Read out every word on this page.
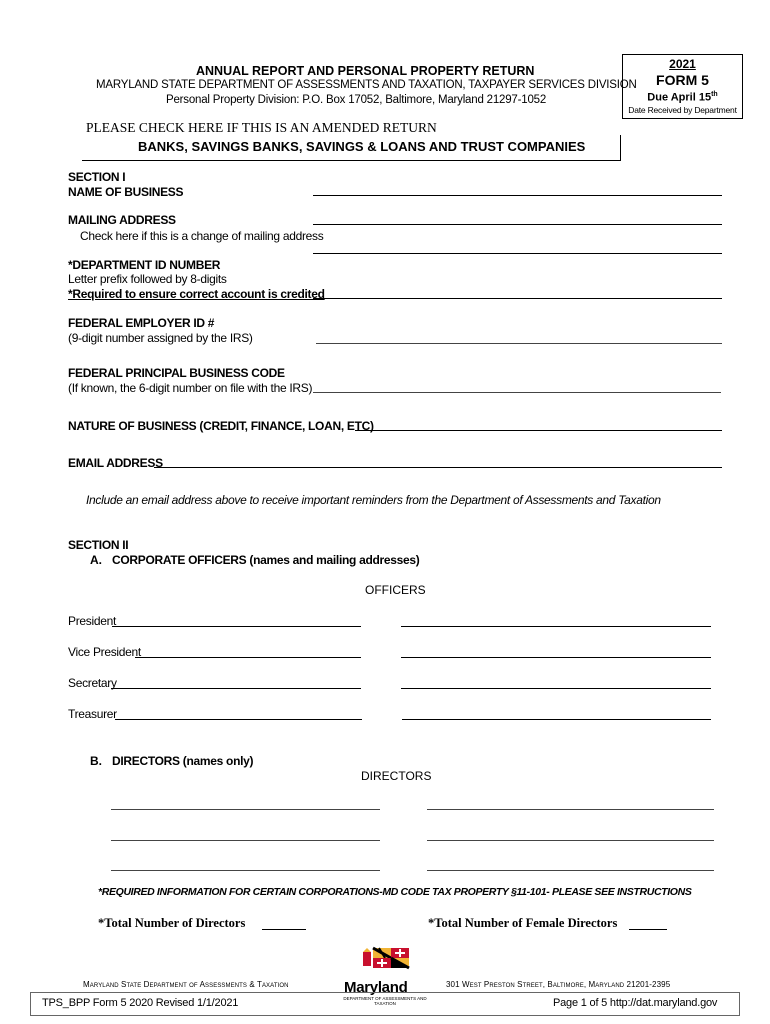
ANNUAL REPORT AND PERSONAL PROPERTY RETURN
MARYLAND STATE DEPARTMENT OF ASSESSMENTS AND TAXATION, TAXPAYER SERVICES DIVISION
Personal Property Division: P.O. Box 17052, Baltimore, Maryland 21297-1052
2021
FORM 5
Due April 15th
Date Received by Department
PLEASE CHECK HERE IF THIS IS AN AMENDED RETURN
BANKS, SAVINGS BANKS, SAVINGS & LOANS AND TRUST COMPANIES
SECTION I
NAME OF BUSINESS
MAILING ADDRESS
Check here if this is a change of mailing address
*DEPARTMENT ID NUMBER
Letter prefix followed by 8-digits
*Required to ensure correct account is credited
FEDERAL EMPLOYER ID #
(9-digit number assigned by the IRS)
FEDERAL PRINCIPAL BUSINESS CODE
(If known, the 6-digit number on file with the IRS)
NATURE OF BUSINESS (CREDIT, FINANCE, LOAN, ETC)
EMAIL ADDRESS
Include an email address above to receive important reminders from the Department of Assessments and Taxation
SECTION II
A. CORPORATE OFFICERS (names and mailing addresses)
OFFICERS
President
Vice President
Secretary
Treasurer
B. DIRECTORS (names only)
DIRECTORS
*REQUIRED INFORMATION FOR CERTAIN CORPORATIONS-MD CODE TAX PROPERTY §11-101- PLEASE SEE INSTRUCTIONS
*Total Number of Directors	*Total Number of Female Directors
Maryland State Department of Assessments & Taxation	Maryland
DEPARTMENT OF ASSESSMENTS AND TAXATION
301 West Preston Street, Baltimore, Maryland 21201-2395
TPS_BPP Form 5 2020 Revised 1/1/2021	Page 1 of 5 http://dat.maryland.gov
